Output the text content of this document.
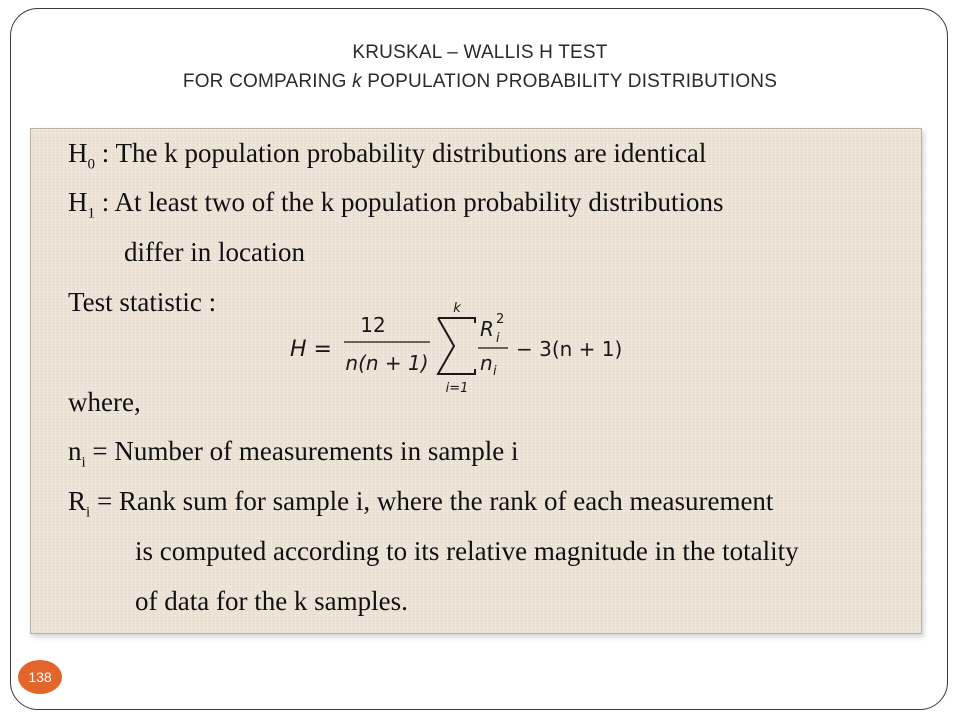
KRUSKAL – WALLIS H TEST
FOR COMPARING k POPULATION PROBABILITY DISTRIBUTIONS
$H_0$ : The k population probability distributions are identical
$H_1$ : At least two of the k population probability distributions
differ in location
Test statistic :
H =
12
n(n + 1)
k
i=1
R 2
i
n i
− 3(n + 1)
where,
$n_i$ = Number of measurements in sample i
$R_i$ = Rank sum for sample i, where the rank of each measurement
is computed according to its relative magnitude in the totality
of data for the k samples.
138
